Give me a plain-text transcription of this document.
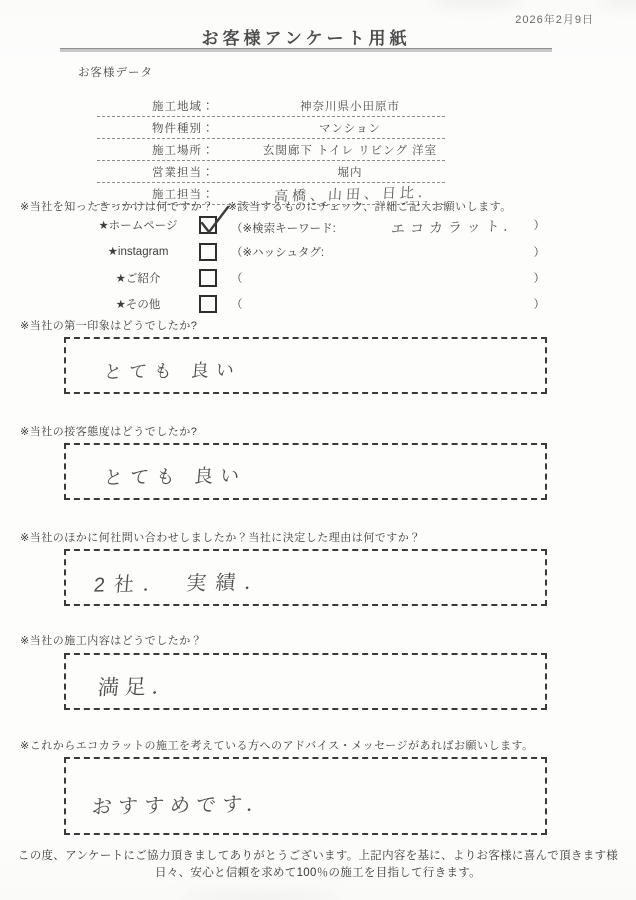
2026年2月9日
お客様アンケート用紙
お客様データ
施工地域：	神奈川県小田原市
物件種別：	マンション
施工場所：	玄関廊下 トイレ リビング 洋室
営業担当：	堀内
施工担当：	高橋、山田、日比.
※当社を知ったきっかけは何ですか？ ※該当するものにチェック、詳細ご記入お願いします。
★ホームページ	（※検索キーワード:	エコカラット． ）
★instagram	（※ハッシュタグ:	）
★ご紹介	（	）
★その他	（	）
※当社の第一印象はどうでしたか?
とても 良い
※当社の接客態度はどうでしたか?
とても 良い
※当社のほかに何社問い合わせしましたか？当社に決定した理由は何ですか？
2社． 実績．
※当社の施工内容はどうでしたか？
満足．
※これからエコカラットの施工を考えている方へのアドバイス・メッセージがあればお願いします。
おすすめです．
この度、アンケートにご協力頂きましてありがとうございます。上記内容を基に、よりお客様に喜んで頂きます様
日々、安心と信頼を求めて100％の施工を目指して行きます。
